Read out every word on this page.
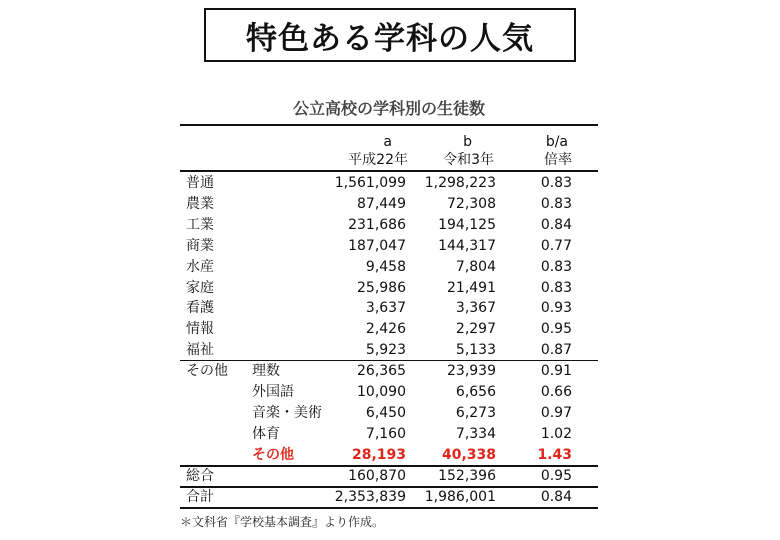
特色ある学科の人気
公立高校の学科別の生徒数
a	b	b/a
平成22年	令和3年	倍率
普通	1,561,099 1,298,223	0.83
農業	87,449	72,308	0.83
工業	231,686 194,125	0.84
商業	187,047 144,317	0.77
水産	9,458	7,804	0.83
家庭	25,986	21,491	0.83
看護	3,637	3,367	0.93
情報	2,426	2,297	0.95
福祉	5,923	5,133	0.87
その他 理数	26,365	23,939	0.91
外国語	10,090	6,656	0.66
音楽・美術	6,450	6,273	0.97
体育	7,160	7,334	1.02
その他	28,193	40,338	1.43
総合	160,870 152,396	0.95
合計	2,353,839 1,986,001	0.84
＊文科省『学校基本調査』より作成。
